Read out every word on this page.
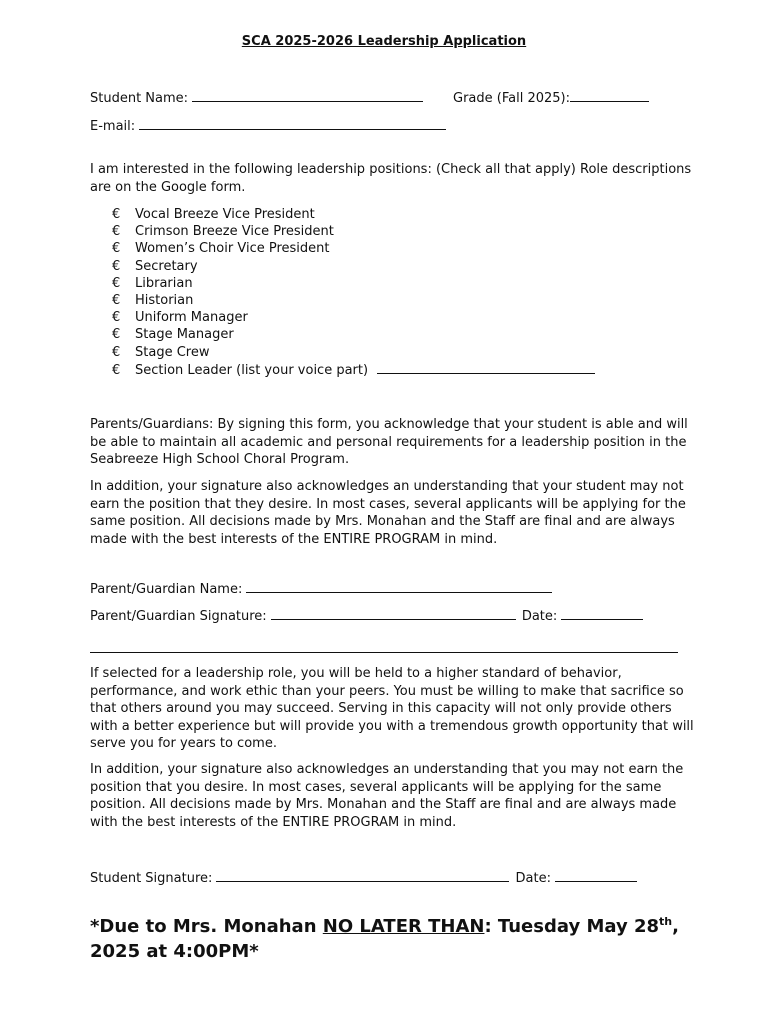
SCA 2025-2026 Leadership Application
Student Name:	Grade (Fall 2025):
E-mail:
I am interested in the following leadership positions: (Check all that apply) Role descriptions
are on the Google form.
€ Vocal Breeze Vice President
€ Crimson Breeze Vice President
€ Women’s Choir Vice President
€ Secretary
€ Librarian
€ Historian
€ Uniform Manager
€ Stage Manager
€ Stage Crew
€ Section Leader (list your voice part)
Parents/Guardians: By signing this form, you acknowledge that your student is able and will
be able to maintain all academic and personal requirements for a leadership position in the
Seabreeze High School Choral Program.
In addition, your signature also acknowledges an understanding that your student may not
earn the position that they desire. In most cases, several applicants will be applying for the
same position. All decisions made by Mrs. Monahan and the Staff are final and are always
made with the best interests of the ENTIRE PROGRAM in mind.
Parent/Guardian Name:
Parent/Guardian Signature:	Date:
If selected for a leadership role, you will be held to a higher standard of behavior,
performance, and work ethic than your peers. You must be willing to make that sacrifice so
that others around you may succeed. Serving in this capacity will not only provide others
with a better experience but will provide you with a tremendous growth opportunity that will
serve you for years to come.
In addition, your signature also acknowledges an understanding that you may not earn the
position that you desire. In most cases, several applicants will be applying for the same
position. All decisions made by Mrs. Monahan and the Staff are final and are always made
with the best interests of the ENTIRE PROGRAM in mind.
Student Signature:	Date:
*Due to Mrs. Monahan NO LATER THAN: Tuesday May 28th,
2025 at 4:00PM*
